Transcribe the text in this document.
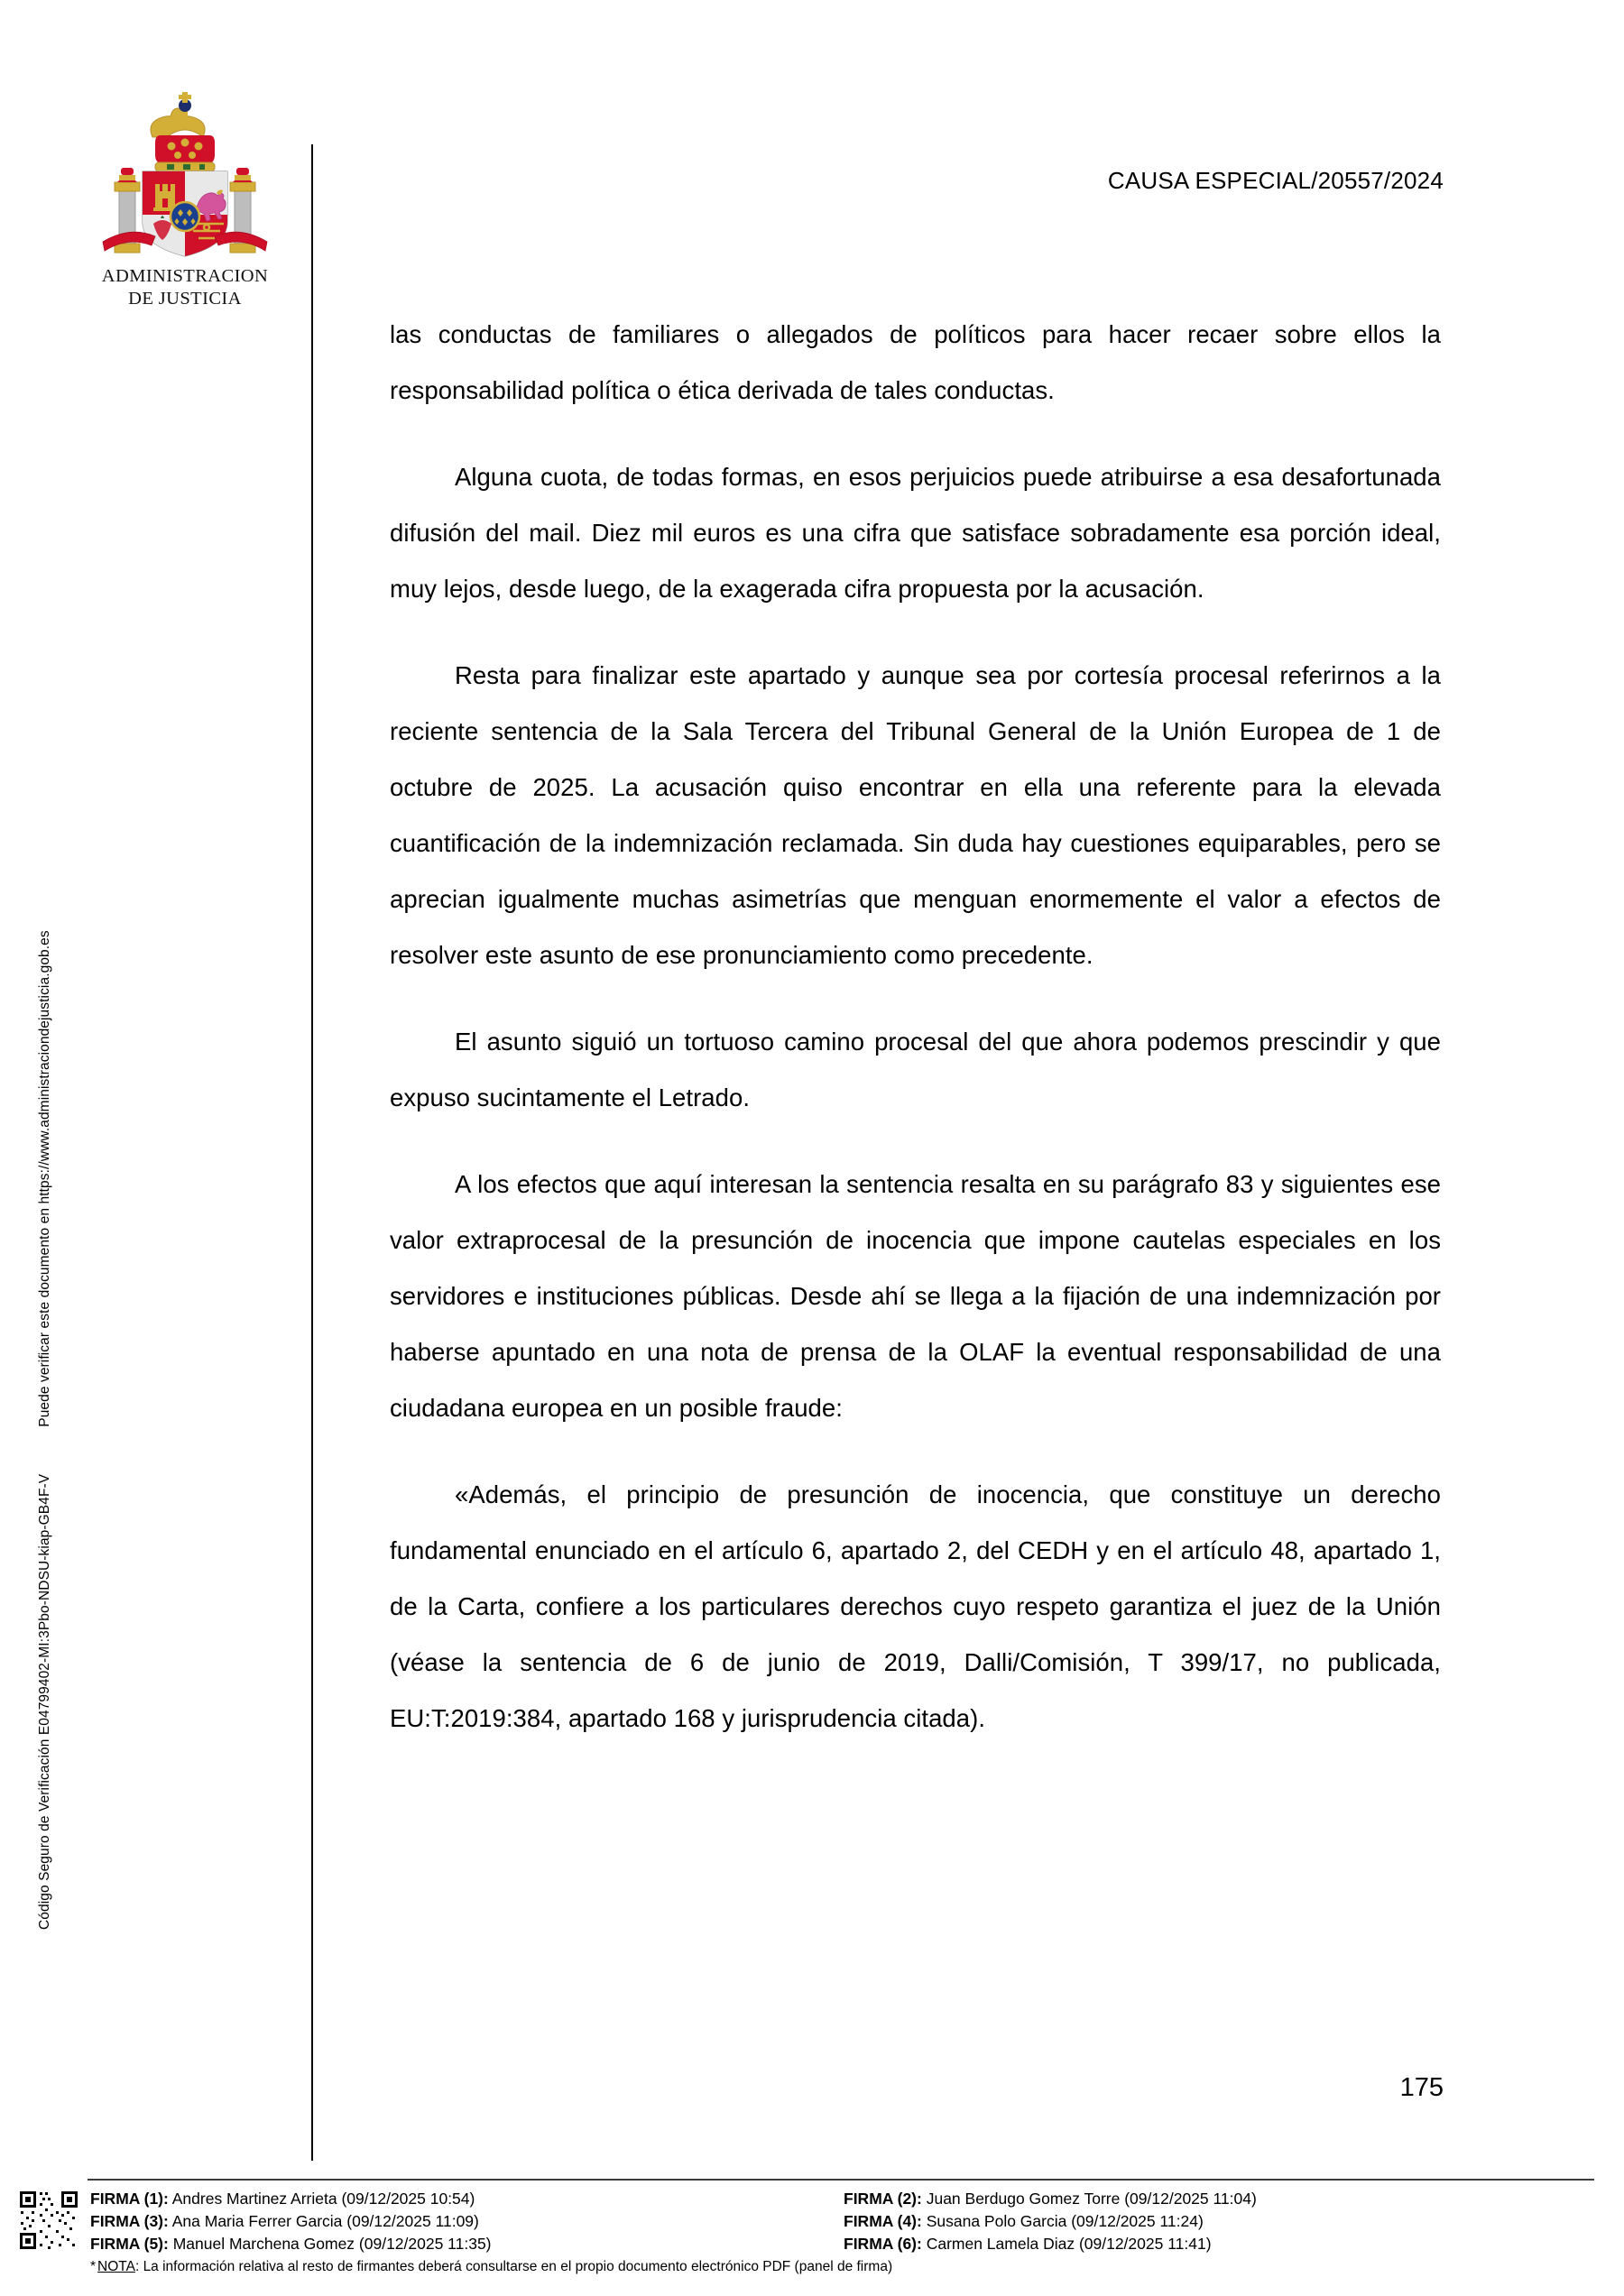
Código Seguro de Verificación E04799402-MI:3Pbo-NDSU-kiap-GB4F-VPuede verificar este documento en https://www.administraciondejusticia.gob.es
ADMINISTRACION
DE JUSTICIA
CAUSA ESPECIAL/20557/2024

las conductas de familiares o allegados de políticos para hacer recaer sobre ellos la responsabilidad política o ética derivada de tales conductas.

Alguna cuota, de todas formas, en esos perjuicios puede atribuirse a esa desafortunada difusión del mail. Diez mil euros es una cifra que satisface sobradamente esa porción ideal, muy lejos, desde luego, de la exagerada cifra propuesta por la acusación.

Resta para finalizar este apartado y aunque sea por cortesía procesal referirnos a la reciente sentencia de la Sala Tercera del Tribunal General de la Unión Europea de 1 de octubre de 2025. La acusación quiso encontrar en ella una referente para la elevada cuantificación de la indemnización reclamada. Sin duda hay cuestiones equiparables, pero se aprecian igualmente muchas asimetrías que menguan enormemente el valor a efectos de resolver este asunto de ese pronunciamiento como precedente.

El asunto siguió un tortuoso camino procesal del que ahora podemos prescindir y que expuso sucintamente el Letrado.

A los efectos que aquí interesan la sentencia resalta en su parágrafo 83 y siguientes ese valor extraprocesal de la presunción de inocencia que impone cautelas especiales en los servidores e instituciones públicas. Desde ahí se llega a la fijación de una indemnización por haberse apuntado en una nota de prensa de la OLAF la eventual responsabilidad de una ciudadana europea en un posible fraude:

«Además, el principio de presunción de inocencia, que constituye un derecho fundamental enunciado en el artículo 6, apartado 2, del CEDH y en el artículo 48, apartado 1, de la Carta, confiere a los particulares derechos cuyo respeto garantiza el juez de la Unión (véase la sentencia de 6 de junio de 2019, Dalli/Comisión, T 399/17, no publicada, EU:T:2019:384, apartado 168 y jurisprudencia citada).

175
FIRMA (1): Andres Martinez Arrieta (09/12/2025 10:54)	FIRMA (2): Juan Berdugo Gomez Torre (09/12/2025 11:04)
FIRMA (3): Ana Maria Ferrer Garcia (09/12/2025 11:09)	FIRMA (4): Susana Polo Garcia (09/12/2025 11:24)
FIRMA (5): Manuel Marchena Gomez (09/12/2025 11:35)	FIRMA (6): Carmen Lamela Diaz (09/12/2025 11:41)
* NOTA: La información relativa al resto de firmantes deberá consultarse en el propio documento electrónico PDF (panel de firma)
